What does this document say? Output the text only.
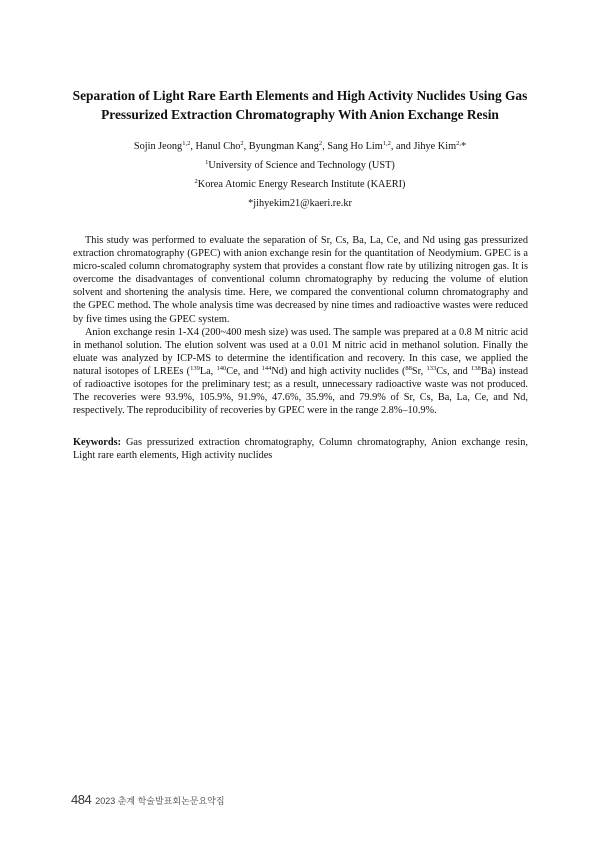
Separation of Light Rare Earth Elements and High Activity Nuclides Using Gas
Pressurized Extraction Chromatography With Anion Exchange Resin
Sojin Jeong$^{1,2}$, Hanul Cho$^2$, Byungman Kang$^2$, Sang Ho Lim$^{1,2}$, and Jihye Kim$^{2,}$*
$^1$University of Science and Technology (UST)
$^2$Korea Atomic Energy Research Institute (KAERI)
*jihyekim21@kaeri.re.kr

This study was performed to evaluate the separation of Sr, Cs, Ba, La, Ce, and Nd using gas pressurized extraction chromatography (GPEC) with anion exchange resin for the quantitation of Neodymium. GPEC is a micro-scaled column chromatography system that provides a constant flow rate by utilizing nitrogen gas. It is overcome the disadvantages of conventional column chromatography by reducing the volume of elution solvent and shortening the analysis time. Here, we compared the conventional column chromatography and the GPEC method. The whole analysis time was decreased by nine times and radioactive wastes were reduced by five times using the GPEC system.

Anion exchange resin 1-X4 (200~400 mesh size) was used. The sample was prepared at a 0.8 M nitric acid in methanol solution. The elution solvent was used at a 0.01 M nitric acid in methanol solution. Finally the eluate was analyzed by ICP-MS to determine the identification and recovery. In this case, we applied the natural isotopes of LREEs ($^{139}$La, $^{140}$Ce, and $^{144}$Nd) and high activity nuclides ($^{88}$Sr, $^{133}$Cs, and $^{138}$Ba) instead of radioactive isotopes for the preliminary test; as a result, unnecessary radioactive waste was not produced. The recoveries were 93.9%, 105.9%, 91.9%, 47.6%, 35.9%, and 79.9% of Sr, Cs, Ba, La, Ce, and Nd, respectively. The reproducibility of recoveries by GPEC were in the range 2.8%–10.9%.

Keywords: Gas pressurized extraction chromatography, Column chromatography, Anion exchange resin, Light rare earth elements, High activity nuclides
484 2023 춘계 학술발표회논문요약집
